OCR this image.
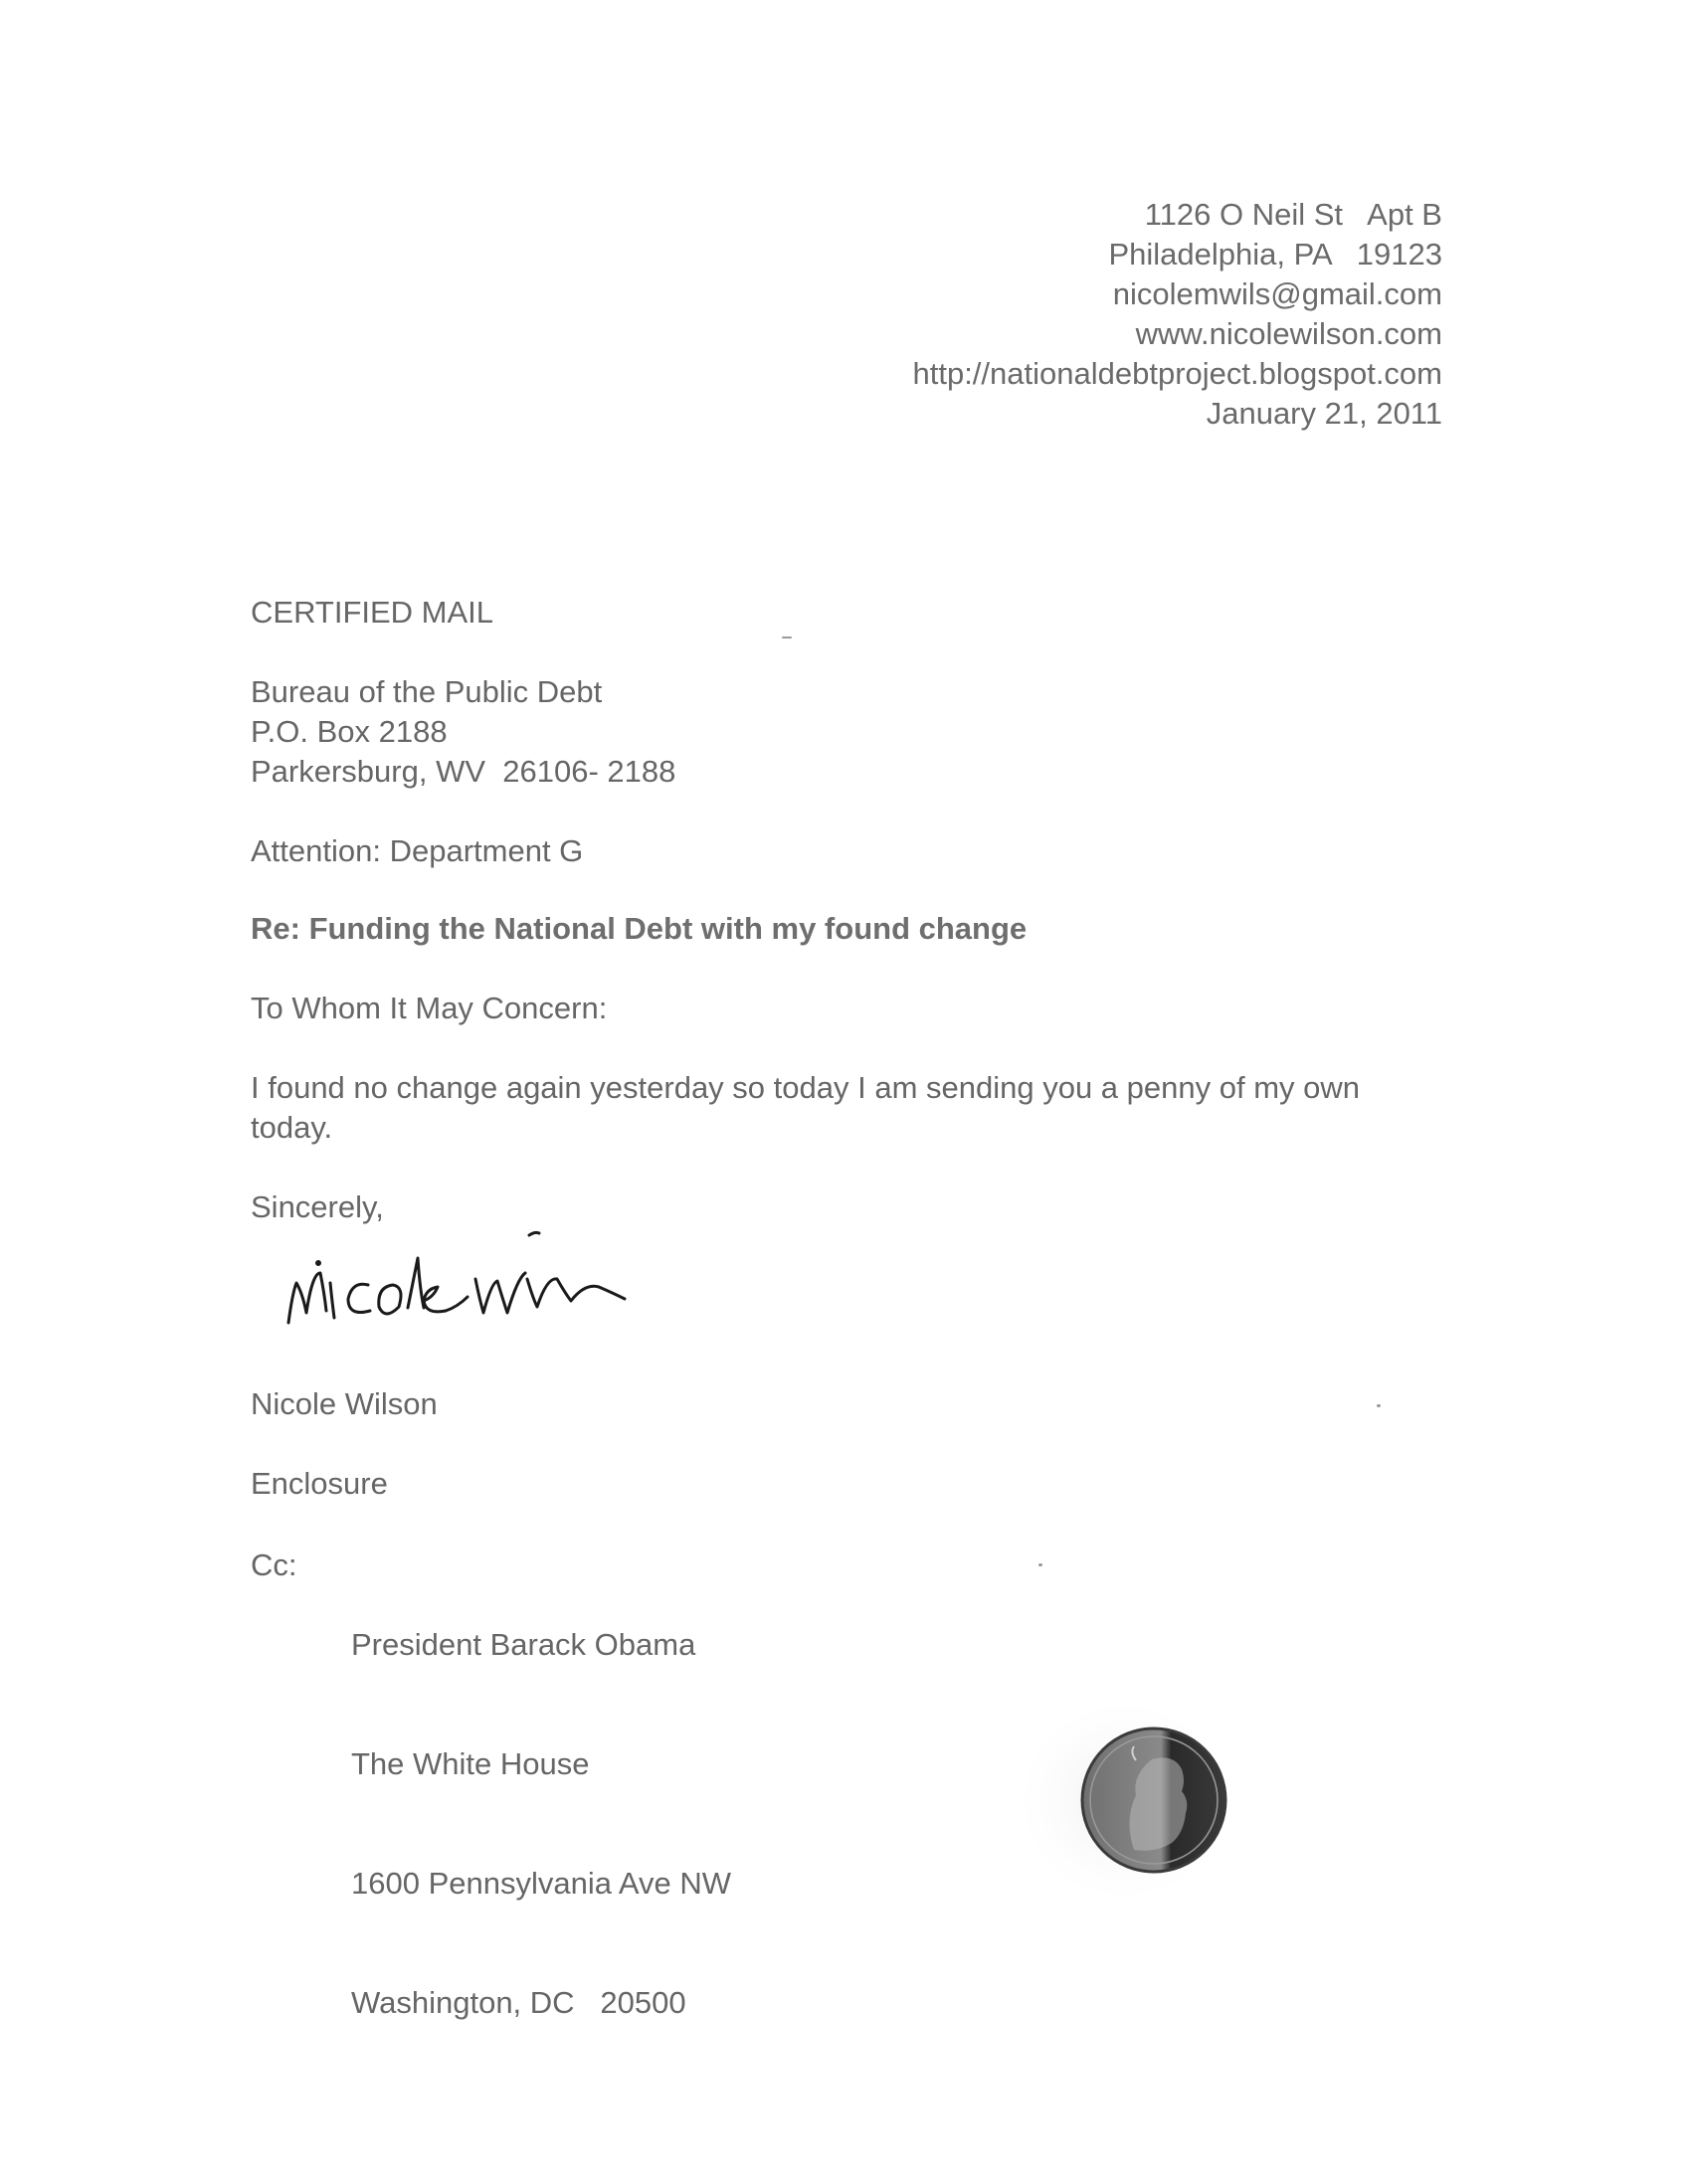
1126 O Neil St   Apt B
Philadelphia, PA   19123
nicolemwils@gmail.com
www.nicolewilson.com
http://nationaldebtproject.blogspot.com
January 21, 2011
CERTIFIED MAIL
Bureau of the Public Debt
P.O. Box 2188
Parkersburg, WV  26106- 2188
Attention: Department G
Re: Funding the National Debt with my found change
To Whom It May Concern:
I found no change again yesterday so today I am sending you a penny of my own today.
Sincerely,
Nicole Wilson
Enclosure
Cc:

President Barack Obama

The White House

1600 Pennsylvania Ave NW

Washington, DC   20500
